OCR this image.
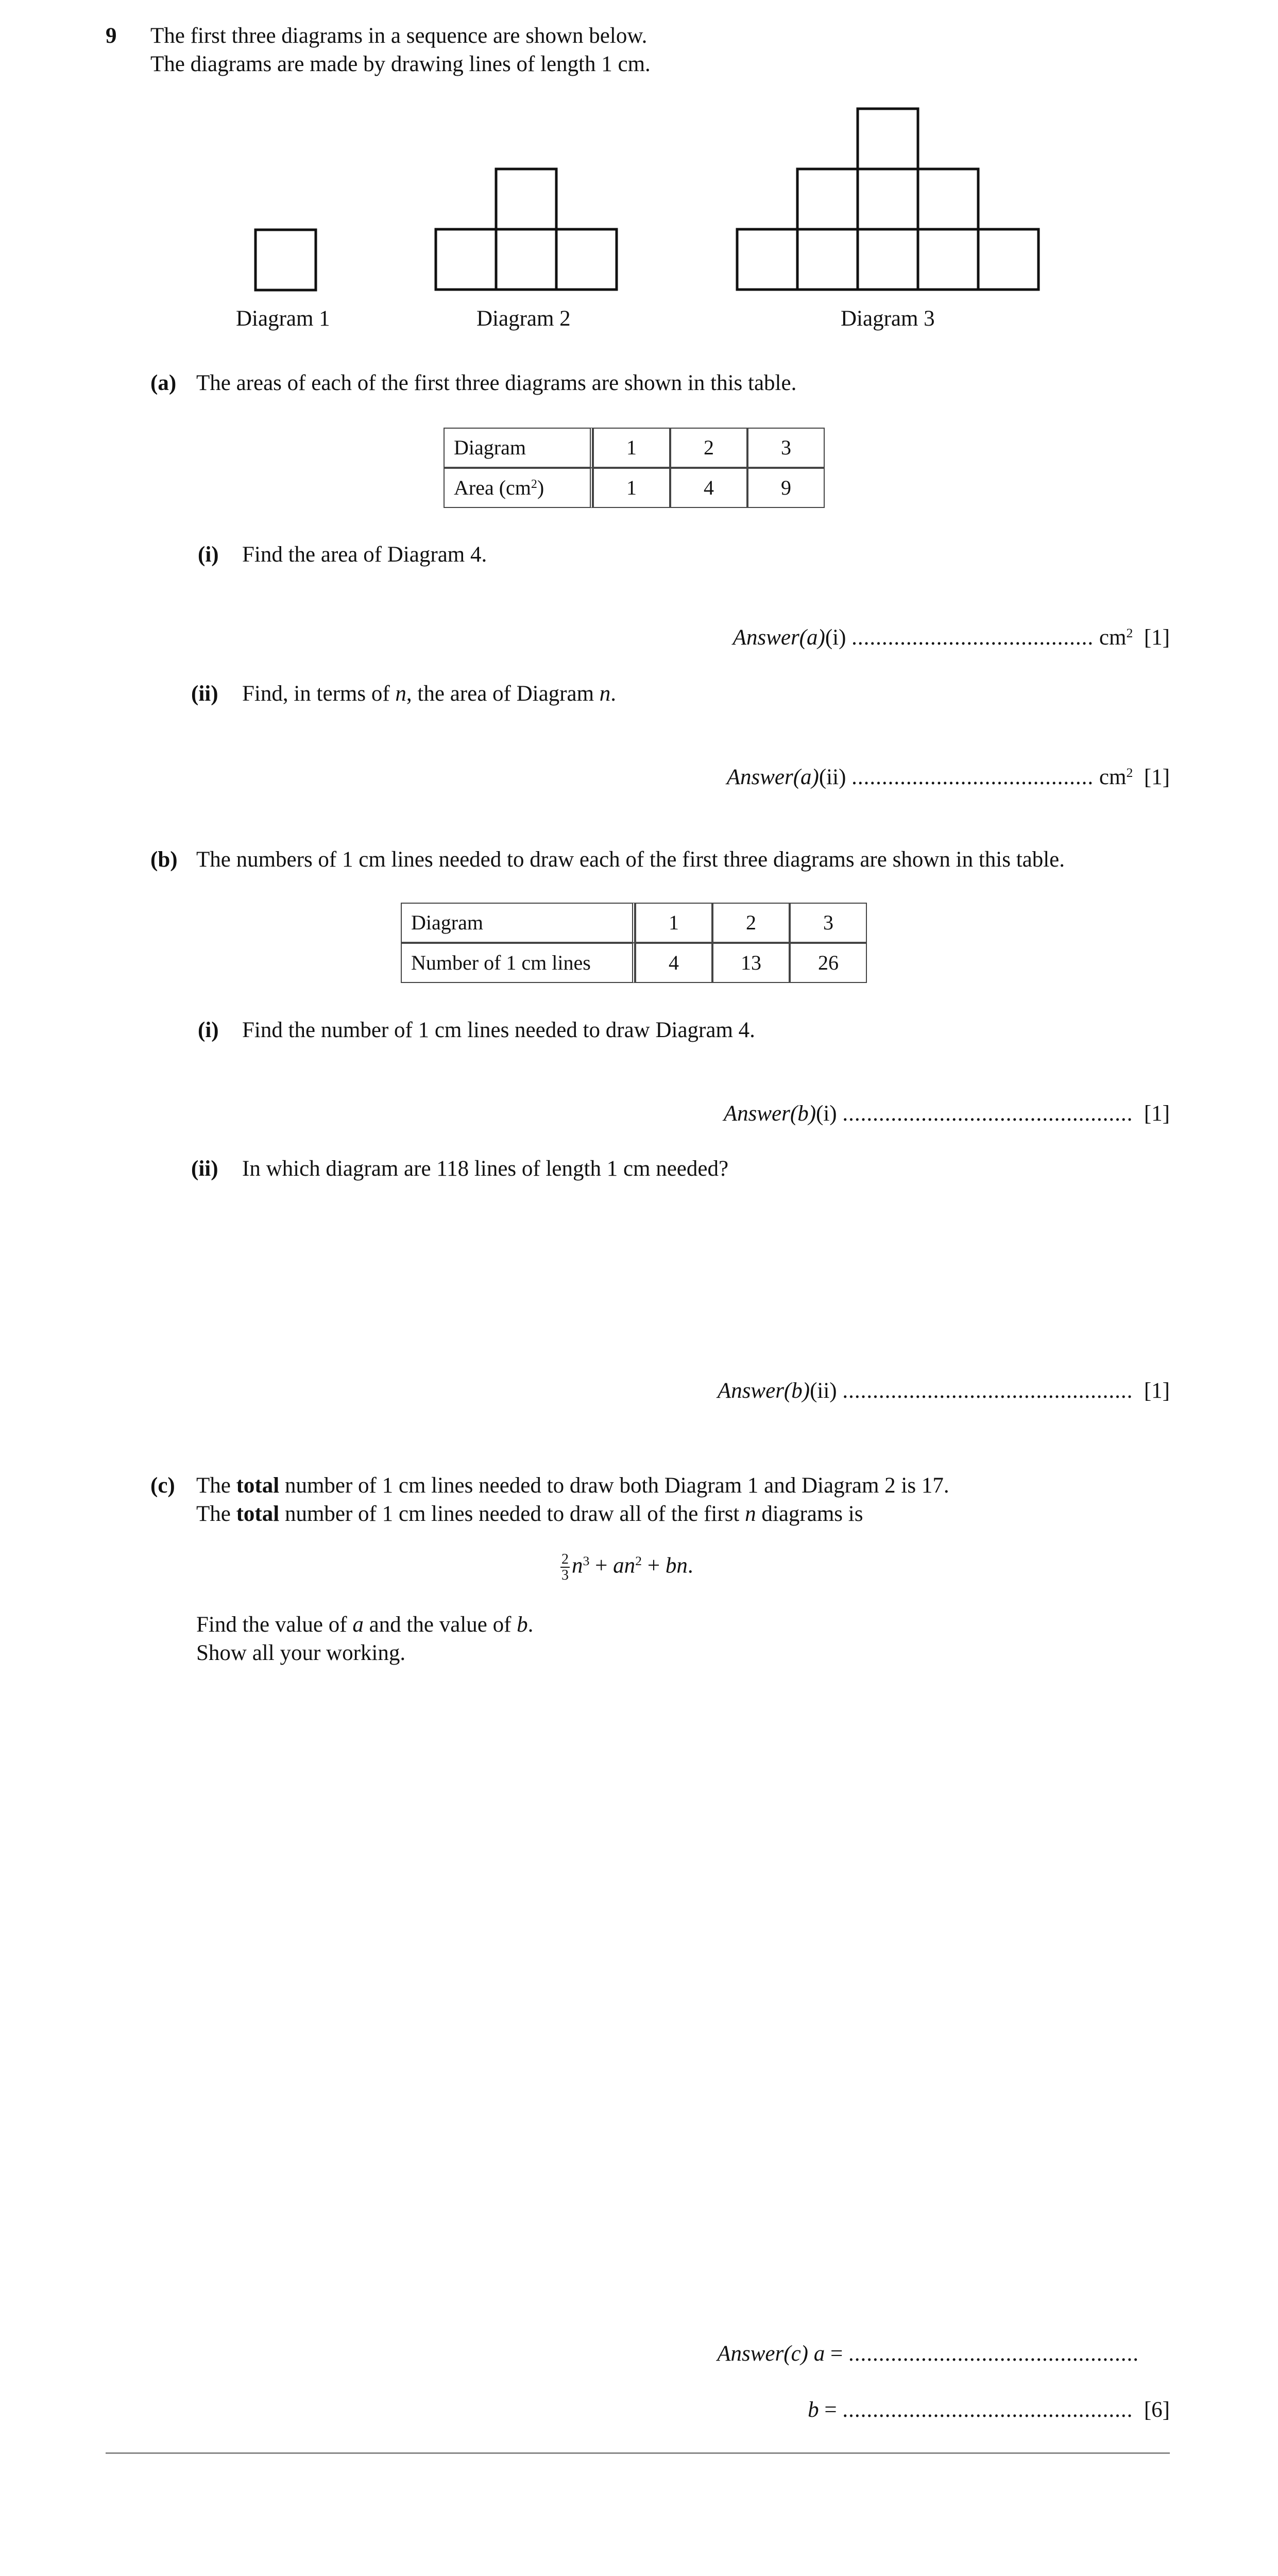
9 The first three diagrams in a sequence are shown below.
The diagrams are made by drawing lines of length 1 cm.
Diagram 1	Diagram 2	Diagram 3
(a) The areas of each of the first three diagrams are shown in this table.
Diagram	1	2	3
Area $(cm^2)$	1	4	9
(i) Find the area of Diagram 4.
Answer(a)(i) ........................................ $cm^2$ [1]
(ii) Find, in terms of n, the area of Diagram n.
Answer(a)(ii) ........................................ $cm^2$ [1]
(b) The numbers of 1 cm lines needed to draw each of the first three diagrams are shown in this table.
Diagram	1	2	3
Number of 1 cm lines	4	13	26
(i) Find the number of 1 cm lines needed to draw Diagram 4.
Answer(b)(i) ................................................ [1]
(ii) In which diagram are 118 lines of length 1 cm needed?
Answer(b)(ii) ................................................ [1]
(c) The total number of 1 cm lines needed to draw both Diagram 1 and Diagram 2 is 17.
The total number of 1 cm lines needed to draw all of the first n diagrams is
$\frac{2}{3} n^3 + an^2$ + bn.
Find the value of a and the value of b.
Show all your working.
Answer(c) a = ................................................
b = ................................................ [6]
